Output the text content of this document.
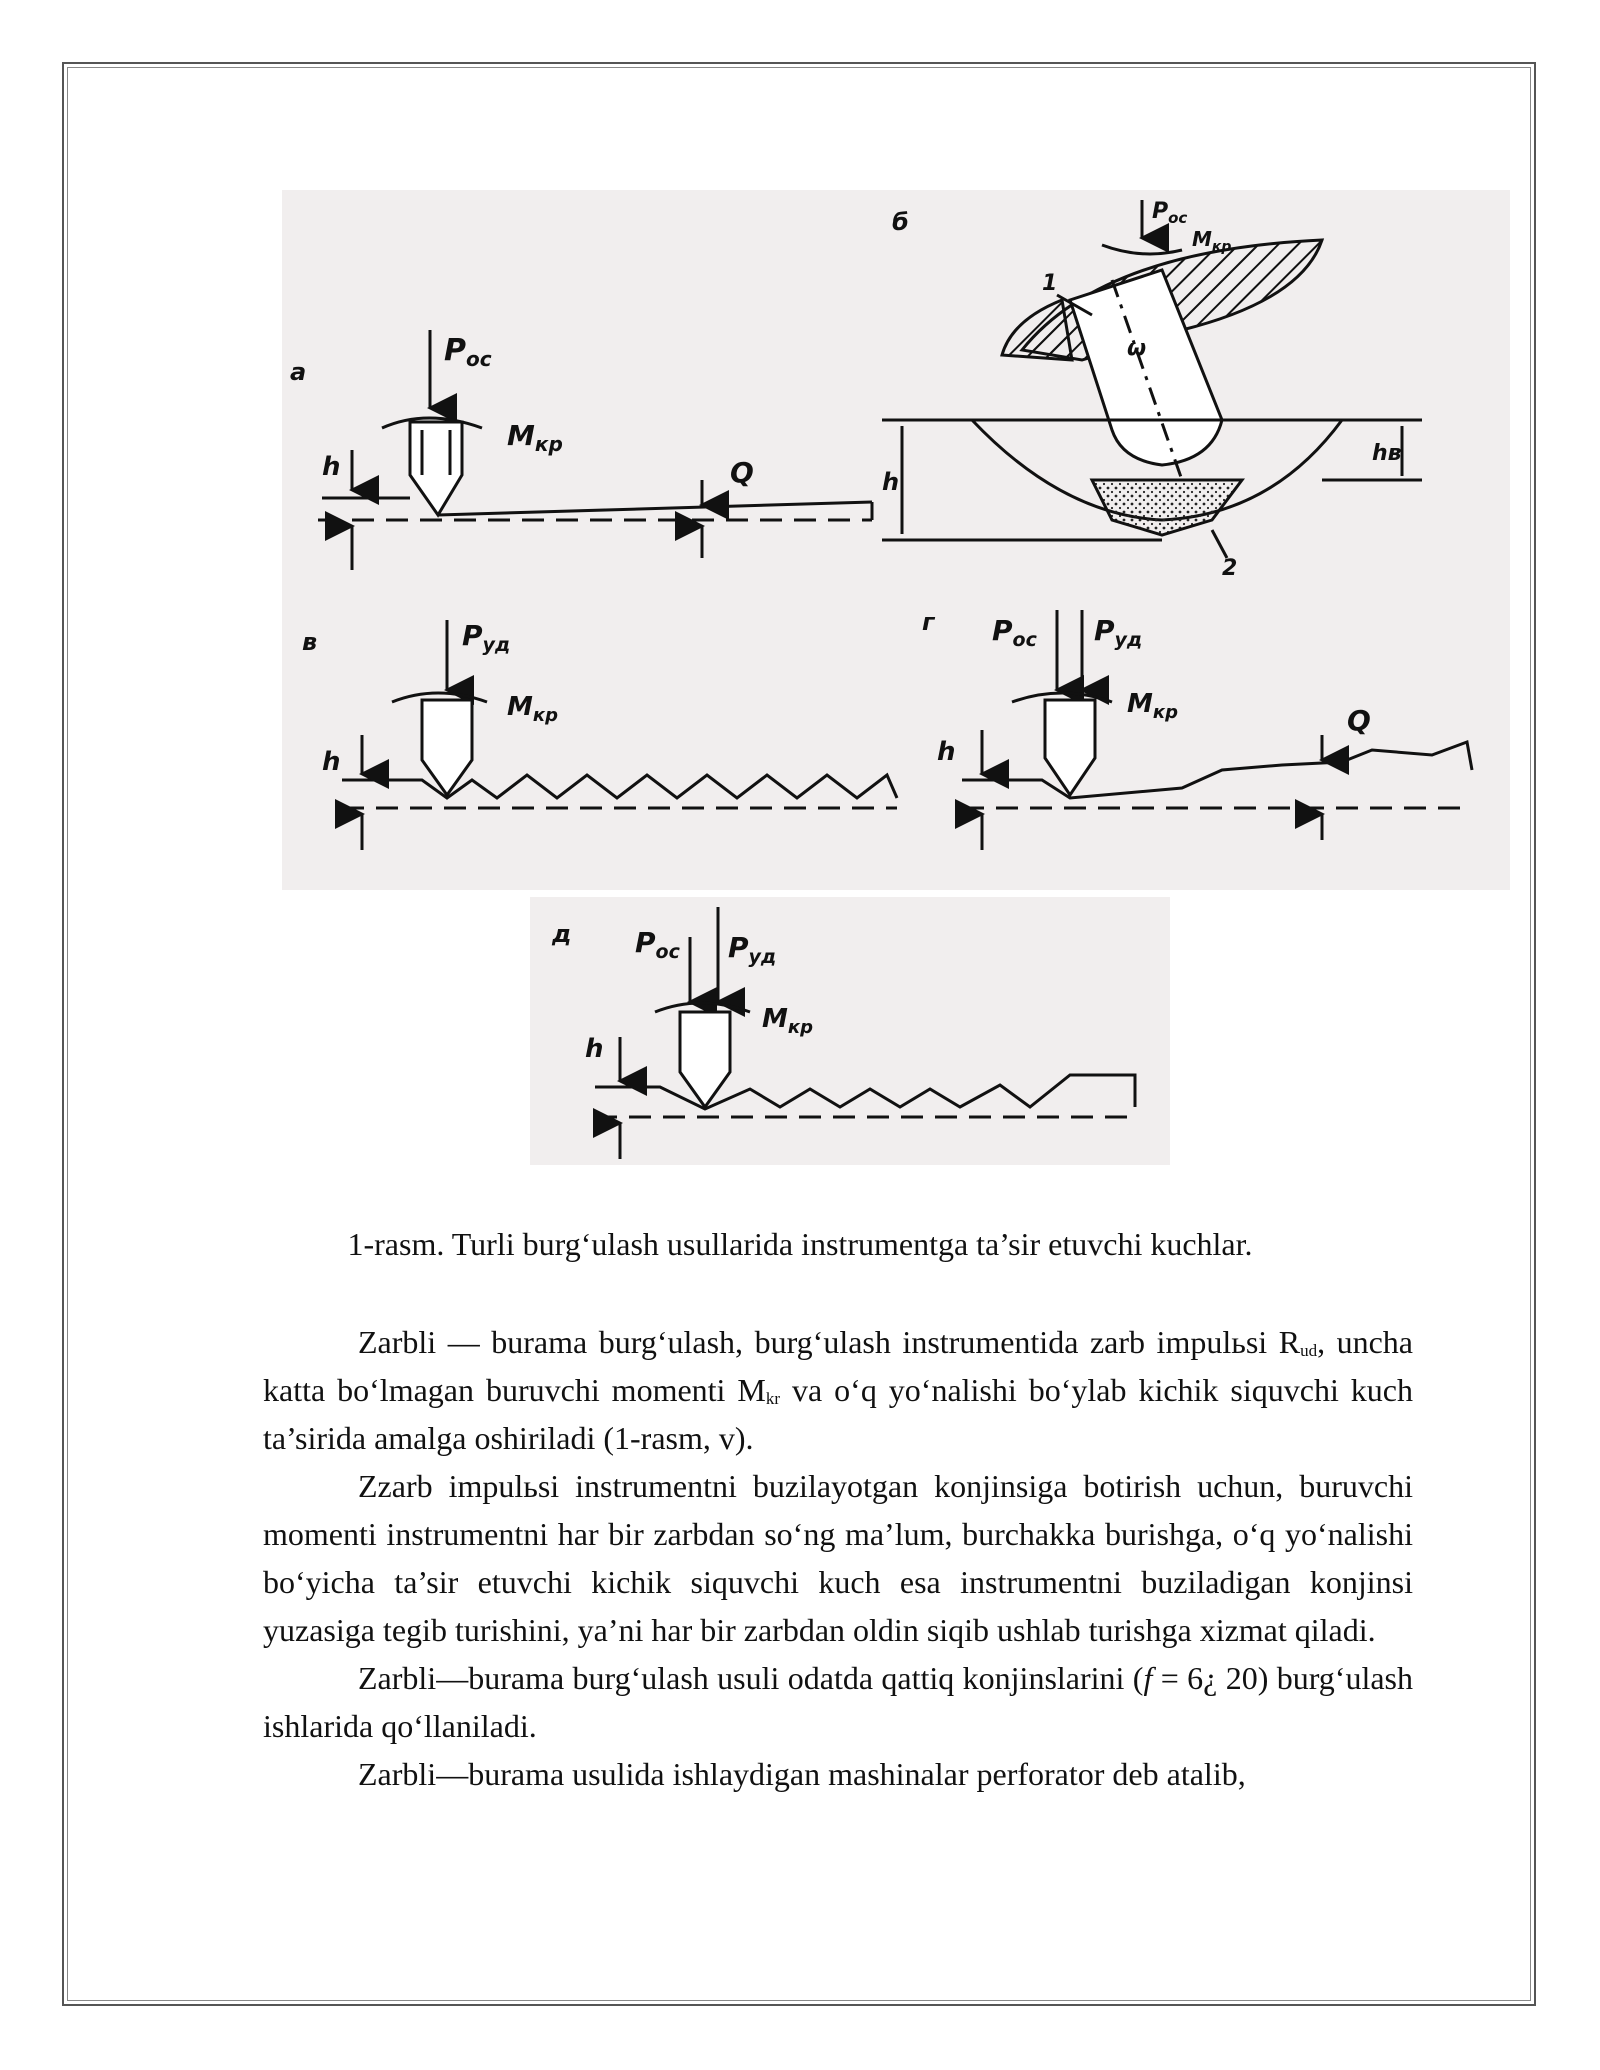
a
$P_{oc}$
$M_{кр}$
h	Q
б	$P_{oc}$
$M_{кр}$
ω
1
h
hв
2
в	$P_{уд}$
$M_{кр}$
h
г $P_{oc}$ $P_{уд}$
$M_{кр}$
h
Q
д $P_{oc}$ $P_{уд}$
$M_{кр}$
h
1-rasm. Turli burg‘ulash usullarida instrumentga ta’sir etuvchi kuchlar.

Zarbli — burama burg‘ulash, burg‘ulash instrumentida zarb impulьsi $R_{ud}$, uncha katta bo‘lmagan buruvchi momenti $M_{kr}$ va o‘q yo‘nalishi bo‘ylab kichik siquvchi kuch ta’sirida amalga oshiriladi (1-rasm, v).

Zzarb impulьsi instrumentni buzilayotgan konjinsiga botirish uchun, buruvchi momenti instrumentni har bir zarbdan so‘ng ma’lum, burchakka burishga, o‘q yo‘nalishi bo‘yicha ta’sir etuvchi kichik siquvchi kuch esa instrumentni buziladigan konjinsi yuzasiga tegib turishini, ya’ni har bir zarbdan oldin siqib ushlab turishga xizmat qiladi.

Zarbli—burama burg‘ulash usuli odatda qattiq konjinslarini (f = 6¿ 20) burg‘ulash ishlarida qo‘llaniladi.

Zarbli—burama usulida ishlaydigan mashinalar perforator deb atalib,
